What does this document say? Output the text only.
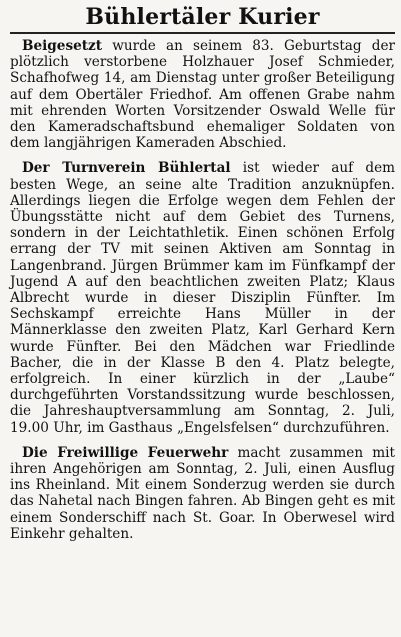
Bühlertäler Kurier

Beigesetzt wurde an seinem 83. Geburtstag der plötzlich verstorbene Holzhauer Josef Schmieder, Schafhofweg 14, am Dienstag unter großer Beteiligung auf dem Obertäler Friedhof. Am offenen Grabe nahm mit ehrenden Worten Vorsitzender Oswald Welle für den Kameradschaftsbund ehemaliger Soldaten von dem langjährigen Kameraden Abschied.

Der Turnverein Bühlertal ist wieder auf dem besten Wege, an seine alte Tradition anzuknüpfen. Allerdings liegen die Erfolge wegen dem Fehlen der Übungsstätte nicht auf dem Gebiet des Turnens, sondern in der Leichtathletik. Einen schönen Erfolg errang der TV mit seinen Aktiven am Sonntag in Langenbrand. Jürgen Brümmer kam im Fünfkampf der Jugend A auf den beachtlichen zweiten Platz; Klaus Albrecht wurde in dieser Disziplin Fünfter. Im Sechskampf erreichte Hans Müller in der Männerklasse den zweiten Platz, Karl Gerhard Kern wurde Fünfter. Bei den Mädchen war Friedlinde Bacher, die in der Klasse B den 4. Platz belegte, erfolgreich. In einer kürzlich in der „Laube“ durchgeführten Vorstandssitzung wurde beschlossen, die Jahreshauptversammlung am Sonntag, 2. Juli, 19.00 Uhr, im Gasthaus „Engelsfelsen“ durchzuführen.

Die Freiwillige Feuerwehr macht zusammen mit ihren Angehörigen am Sonntag, 2. Juli, einen Ausflug ins Rheinland. Mit einem Sonderzug werden sie durch das Nahetal nach Bingen fahren. Ab Bingen geht es mit einem Sonderschiff nach St. Goar. In Oberwesel wird Einkehr gehalten.
